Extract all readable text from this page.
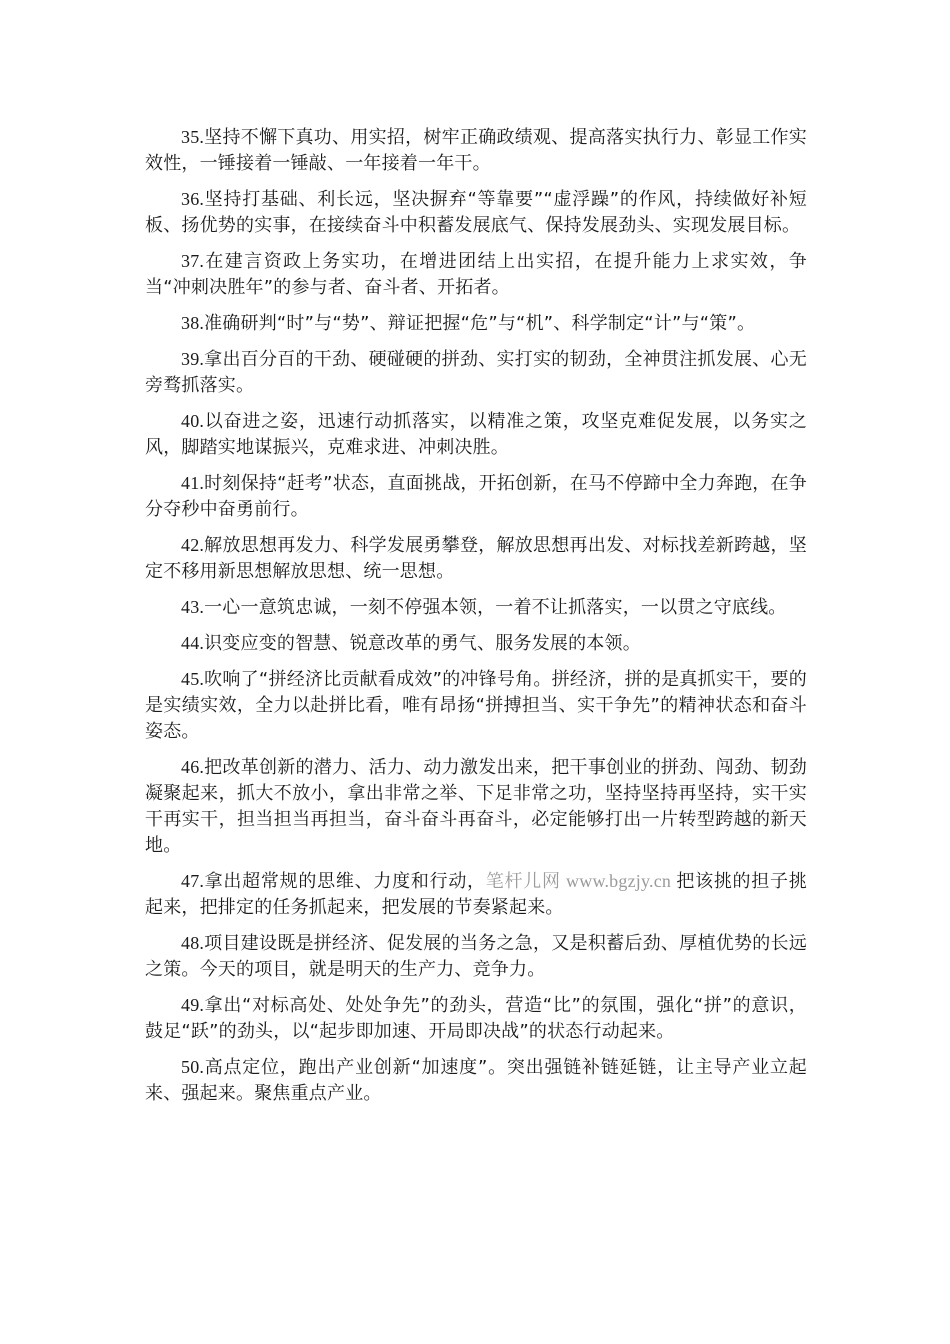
35.坚持不懈下真功、用实招，树牢正确政绩观、提高落实执行力、彰显工作实效性，一锤接着一锤敲、一年接着一年干。

36.坚持打基础、利长远，坚决摒弃“等靠要”“虚浮躁”的作风，持续做好补短板、扬优势的实事，在接续奋斗中积蓄发展底气、保持发展劲头、实现发展目标。

37.在建言资政上务实功，在增进团结上出实招，在提升能力上求实效，争当“冲刺决胜年”的参与者、奋斗者、开拓者。

38.准确研判“时”与“势”、辩证把握“危”与“机”、科学制定“计”与“策”。

39.拿出百分百的干劲、硬碰硬的拼劲、实打实的韧劲，全神贯注抓发展、心无旁骛抓落实。

40.以奋进之姿，迅速行动抓落实，以精准之策，攻坚克难促发展，以务实之风，脚踏实地谋振兴，克难求进、冲刺决胜。

41.时刻保持“赶考”状态，直面挑战，开拓创新，在马不停蹄中全力奔跑，在争分夺秒中奋勇前行。

42.解放思想再发力、科学发展勇攀登，解放思想再出发、对标找差新跨越，坚定不移用新思想解放思想、统一思想。

43.一心一意筑忠诚，一刻不停强本领，一着不让抓落实，一以贯之守底线。

44.识变应变的智慧、锐意改革的勇气、服务发展的本领。

45.吹响了“拼经济比贡献看成效”的冲锋号角。拼经济，拼的是真抓实干，要的是实绩实效，全力以赴拼比看，唯有昂扬“拼搏担当、实干争先”的精神状态和奋斗姿态。

46.把改革创新的潜力、活力、动力激发出来，把干事创业的拼劲、闯劲、韧劲凝聚起来，抓大不放小，拿出非常之举、下足非常之功，坚持坚持再坚持，实干实干再实干，担当担当再担当，奋斗奋斗再奋斗，必定能够打出一片转型跨越的新天地。

47.拿出超常规的思维、力度和行动，笔杆儿网 www.bgzjy.cn 把该挑的担子挑起来，把排定的任务抓起来，把发展的节奏紧起来。

48.项目建设既是拼经济、促发展的当务之急，又是积蓄后劲、厚植优势的长远之策。今天的项目，就是明天的生产力、竞争力。

49.拿出“对标高处、处处争先”的劲头，营造“比”的氛围，强化“拼”的意识，鼓足“跃”的劲头，以“起步即加速、开局即决战”的状态行动起来。

50.高点定位，跑出产业创新“加速度”。突出强链补链延链，让主导产业立起来、强起来。聚焦重点产业。
